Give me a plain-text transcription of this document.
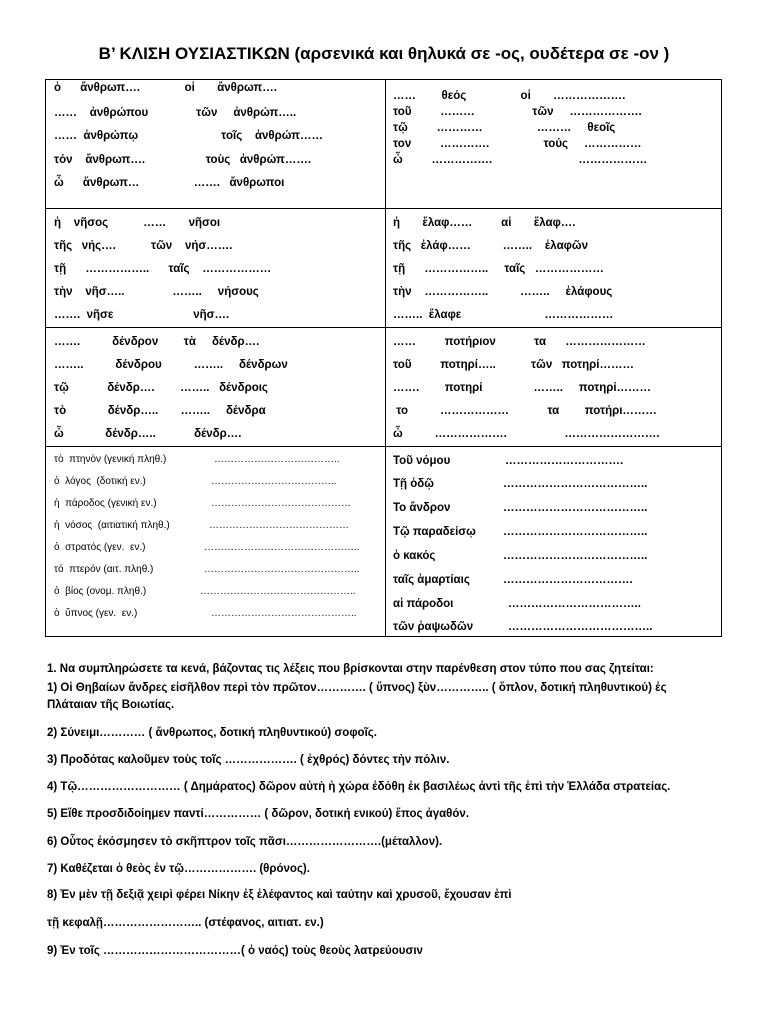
Β’ ΚΛΙΣΗ ΟΥΣΙΑΣΤΙΚΩΝ (αρσενικά και θηλυκά σε -ος, ουδέτερα σε -ον )
ὁ      ἄνθρωπ….              οἱ       ἄνθρωπ….
……    ἀνθρώπου               τῶν     ἀνθρώπ…..
……  ἀνθρώπῳ                          τοῖς    ἀνθρώπ……
τόν    ἄνθρωπ….                   τοὺς   ἀνθρώπ…….
ὦ      ἄνθρωπ…                 …….   ἄνθρωποι
……        θεός                 οἱ       ……………….
τοῦ         ………                  τῶν     ……………….
τῷ         …………                 ………     θεοῖς
τον         ………….                 τούς     ……………
ὦ         …………….                           ………………
ἡ    νῆσος           ……       νῆσοι
τῆς   νής….           τῶν    νήσ…….
τῇ      ……………..      ταῖς    ………………
τὴν    νῆσ…..               ……..     νήσους
…….  νῆσε                         νῆσ….
ἡ       ἔλαφ……         αἱ       ἔλαφ….
τῆς   ἐλάφ……          ……..    ἐλαφῶν
τῇ      ……………..     ταῖς   ………………
τὴν    ……………..          ……..     ἐλάφους
……..  ἔλαφε                          ………………
…….          δένδρον        τὰ     δένδρ….
……..          δένδρου          ……..     δένδρων
τῷ            δένδρ….        ……..   δένδροις
τὸ             δένδρ…..       ……..     δένδρα
ὦ             δένδρ…..            δένδρ….
……         ποτήριον            τα      …………………
τοῦ         ποτηρί…..           τῶν   ποτηρί………
…….        ποτηρί                ……..     ποτηρί………
το          ………………            τα        ποτήρι………
ὦ          ……………….                  …………………….
τὸ  πτηνὸν (γενική πληθ.)	………………………………..
ὁ  λόγος  (δοτική εν.)	………………………………..
ἡ  πάροδος (γενική εν.)	……………………………………
ἡ  νόσος  (αιτιατική πληθ.)	……………………………………
ὁ  στρατός (γεν.  εν.)	………………………………………..
τό  πτερόν (αιτ. πληθ.)	………………………………………..
ὁ  βίος (ονομ. πληθ.)	………………………………………..
ὁ  ὕπνος (γεν.  εν.)	……………………………………..
Τοῦ νόμου	………………………….
Τῇ ὁδῷ	………………………………..
Το ἄνδρον	………………………………..
Τῷ παραδείσῳ ………………………………..
ὁ κακός	………………………………..
ταῖς ἁμαρτίαις	…………………………….
αἱ πάροδοι	……………………………..
τῶν ῥαψωδῶν	………………………………..
1. Να συμπληρώσετε τα κενά, βάζοντας τις λέξεις που βρίσκονται στην παρένθεση στον τύπο που σας ζητείται:
1) Οἱ Θηβαίων ἄνδρες εἰσῆλθον περὶ τὸν πρῶτον…………. ( ὕπνος) ξὺν………….. ( ὅπλον, δοτική πληθυντικού) ἐς
Πλάταιαν τῆς Βοιωτίας.
2) Σύνειμι………… ( ἄνθρωπος, δοτική πληθυντικού) σοφοῖς.
3) Προδότας καλοῦμεν τοὺς τοῖς ………………. ( ἐχθρός) δόντες τὴν πόλιν.
4) Τῷ……………………… ( Δημάρατος) δῶρον αὐτὴ ἡ χώρα ἐδόθη ἐκ βασιλέως ἀντὶ τῆς ἐπὶ τὴν Ἑλλάδα στρατείας.
5) Εἴθε προσδιδοίημεν παντί…………… ( δῶρον, δοτική ενικού) ἔπος ἀγαθόν.
6) Οὗτος ἐκόσμησεν τὸ σκῆπτρον τοῖς πᾶσι…………………….(μέταλλον).
7) Καθέζεται ὁ θεὸς ἐν τῷ………………. (θρόνος).
8) Ἐν μὲν τῇ δεξιᾷ χειρὶ φέρει Νίκην ἐξ ἐλέφαντος καὶ ταύτην καὶ χρυσοῦ, ἔχουσαν ἐπὶ
τῇ κεφαλῇ…………………….. (στέφανος, αιτιατ. εν.)
9) Ἐν τοῖς ………………………………( ὁ ναός) τοὺς θεοὺς λατρεύουσιν
